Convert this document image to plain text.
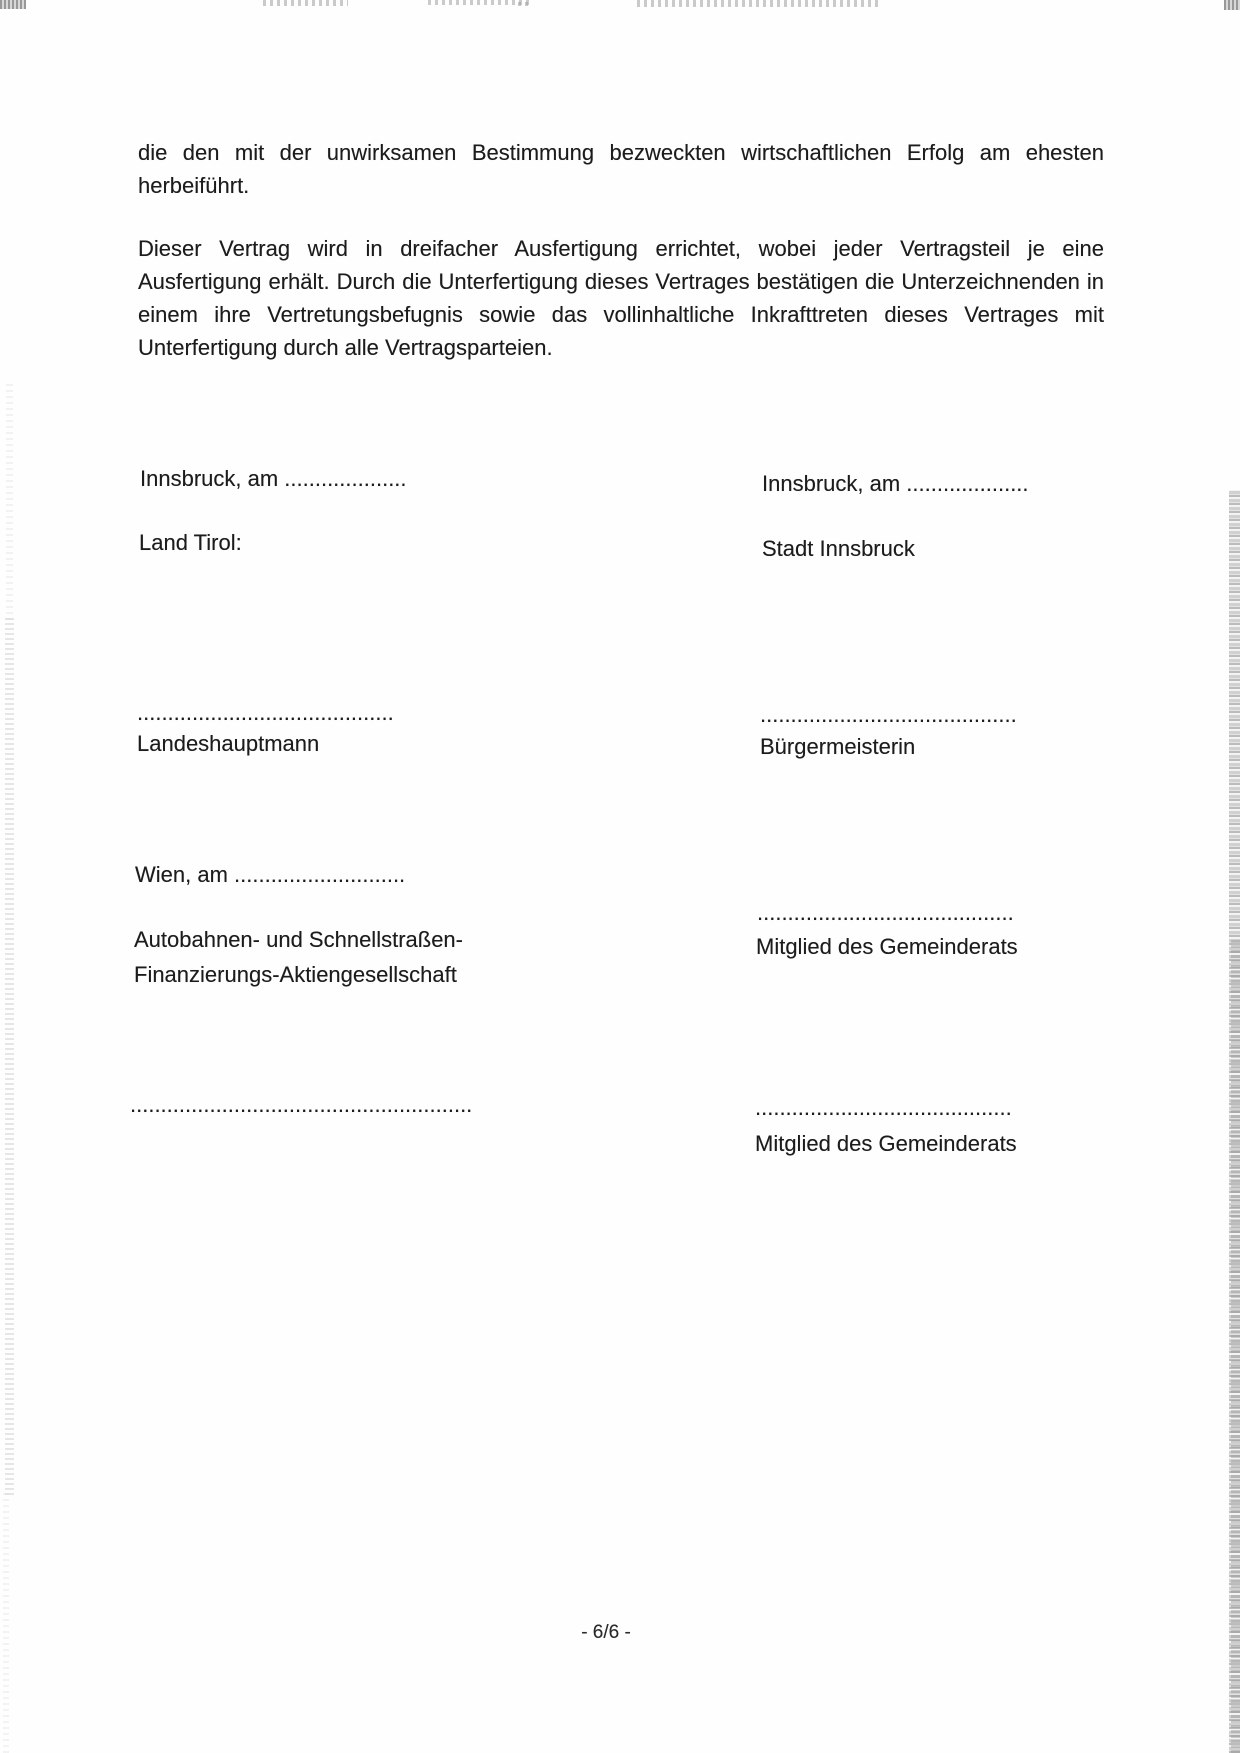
die den mit der unwirksamen Bestimmung bezweckten wirtschaftlichen Erfolg am ehesten
herbeiführt.
Dieser Vertrag wird in dreifacher Ausfertigung errichtet, wobei jeder Vertragsteil je eine
Ausfertigung erhält. Durch die Unterfertigung dieses Vertrages bestätigen die Unterzeichnenden in
einem ihre Vertretungsbefugnis sowie das vollinhaltliche Inkrafttreten dieses Vertrages mit
Unterfertigung durch alle Vertragsparteien.
Innsbruck, am ....................	Innsbruck, am ....................
Land Tirol:	Stadt Innsbruck
..........................................
Landeshauptmann
..........................................
Bürgermeisterin
Wien, am ............................
..........................................
Mitglied des Gemeinderats
Autobahnen- und Schnellstraßen-
Finanzierungs-Aktiengesellschaft
........................................................	..........................................
Mitglied des Gemeinderats
- 6/6 -
